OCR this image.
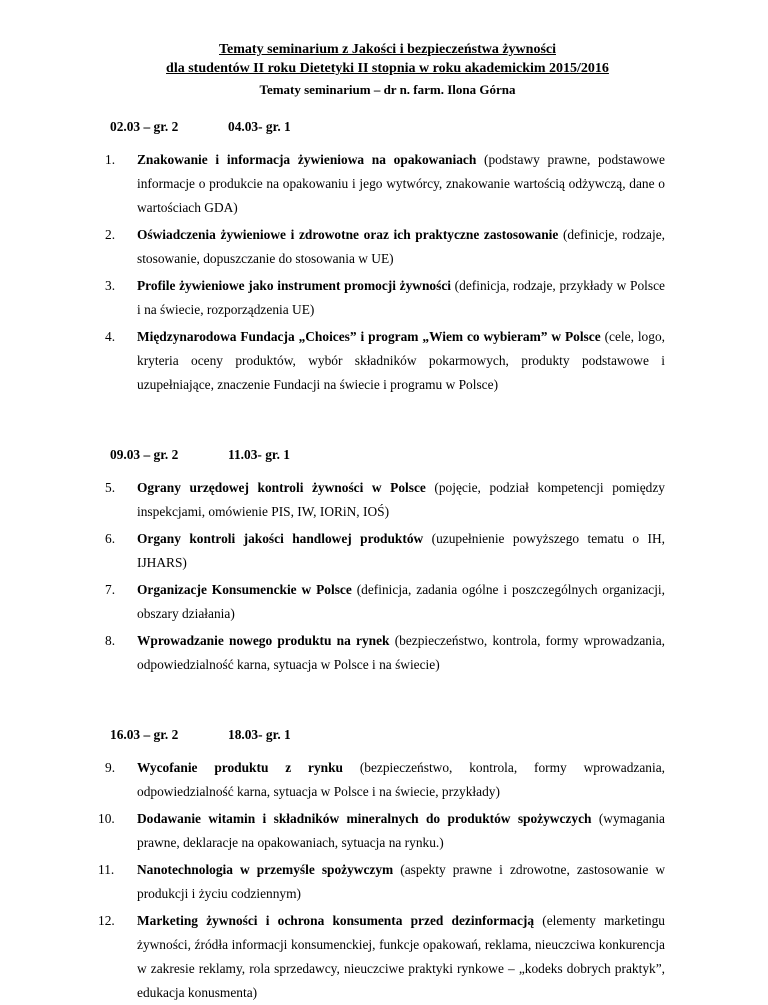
Tematy seminarium z Jakości i bezpieczeństwa żywności
dla studentów II roku Dietetyki II stopnia w roku akademickim 2015/2016
Tematy seminarium – dr n. farm. Ilona Górna
02.03 – gr. 2	04.03- gr. 1
1. Znakowanie i informacja żywieniowa na opakowaniach (podstawy prawne, podstawowe informacje o produkcie na opakowaniu i jego wytwórcy, znakowanie wartością odżywczą, dane o wartościach GDA)
2. Oświadczenia żywieniowe i zdrowotne oraz ich praktyczne zastosowanie (definicje, rodzaje, stosowanie, dopuszczanie do stosowania w UE)
3. Profile żywieniowe jako instrument promocji żywności (definicja, rodzaje, przykłady w Polsce i na świecie, rozporządzenia UE)
4. Międzynarodowa Fundacja „Choices” i program „Wiem co wybieram” w Polsce (cele, logo, kryteria oceny produktów, wybór składników pokarmowych, produkty podstawowe i uzupełniające, znaczenie Fundacji na świecie i programu w Polsce)
09.03 – gr. 2	11.03- gr. 1
5. Ograny urzędowej kontroli żywności w Polsce (pojęcie, podział kompetencji pomiędzy inspekcjami, omówienie PIS, IW, IORiN, IOŚ)
6. Organy kontroli jakości handlowej produktów (uzupełnienie powyższego tematu o IH, IJHARS)
7. Organizacje Konsumenckie w Polsce (definicja, zadania ogólne i poszczególnych organizacji, obszary działania)
8. Wprowadzanie nowego produktu na rynek (bezpieczeństwo, kontrola, formy wprowadzania, odpowiedzialność karna, sytuacja w Polsce i na świecie)
16.03 – gr. 2	18.03- gr. 1
9. Wycofanie produktu z rynku (bezpieczeństwo, kontrola, formy wprowadzania, odpowiedzialność karna, sytuacja w Polsce i na świecie, przykłady)
10. Dodawanie witamin i składników mineralnych do produktów spożywczych (wymagania prawne, deklaracje na opakowaniach, sytuacja na rynku.)
11. Nanotechnologia w przemyśle spożywczym (aspekty prawne i zdrowotne, zastosowanie w produkcji i życiu codziennym)
12. Marketing żywności i ochrona konsumenta przed dezinformacją (elementy marketingu żywności, źródła informacji konsumenckiej, funkcje opakowań, reklama, nieuczciwa konkurencja w zakresie reklamy, rola sprzedawcy, nieuczciwe praktyki rynkowe – „kodeks dobrych praktyk”, edukacja konusmenta)
